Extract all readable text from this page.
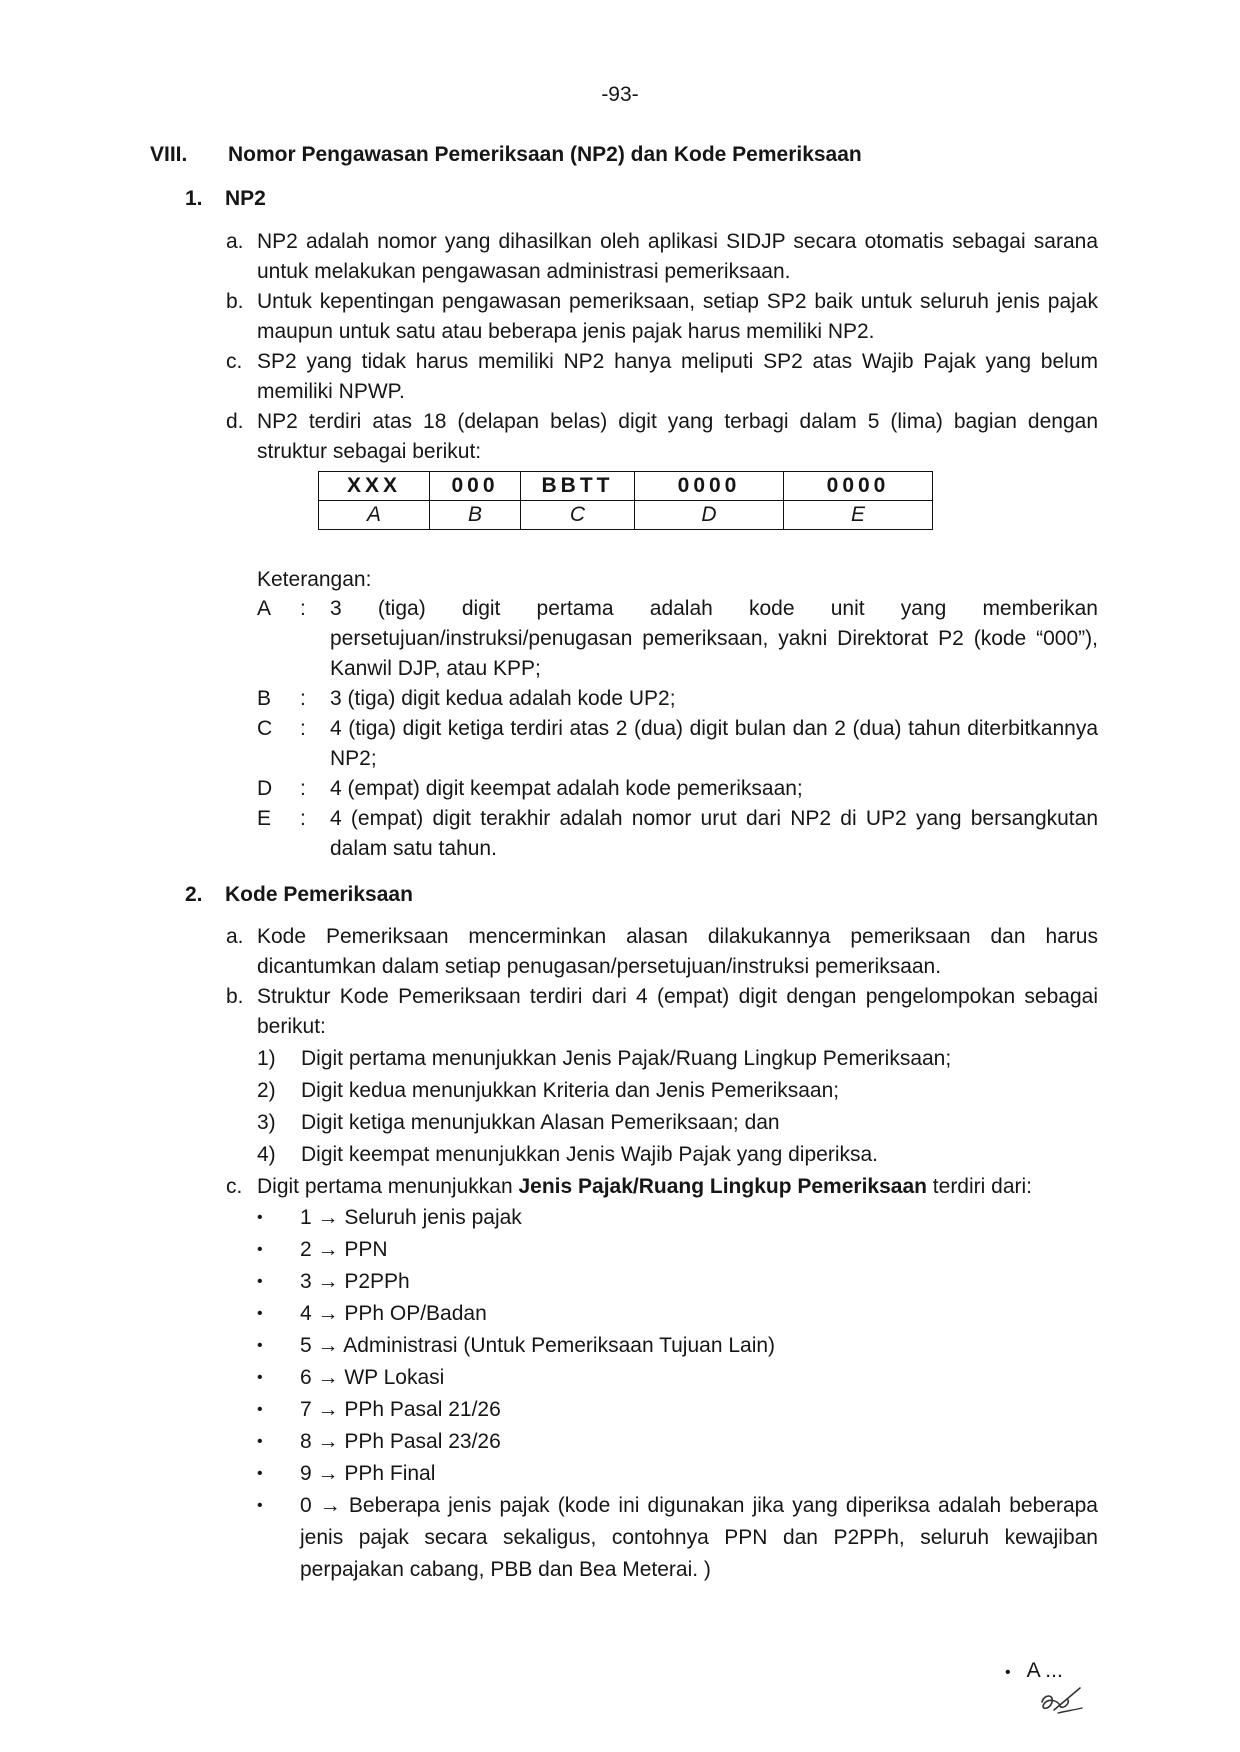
-93-
VIII. Nomor Pengawasan Pemeriksaan (NP2) dan Kode Pemeriksaan
1. NP2
a. NP2 adalah nomor yang dihasilkan oleh aplikasi SIDJP secara otomatis sebagai sarana untuk melakukan pengawasan administrasi pemeriksaan.
b. Untuk kepentingan pengawasan pemeriksaan, setiap SP2 baik untuk seluruh jenis pajak maupun untuk satu atau beberapa jenis pajak harus memiliki NP2.
c. SP2 yang tidak harus memiliki NP2 hanya meliputi SP2 atas Wajib Pajak yang belum memiliki NPWP.
d. NP2 terdiri atas 18 (delapan belas) digit yang terbagi dalam 5 (lima) bagian dengan struktur sebagai berikut:
XXX	000	BBTT	0000	0000
A	B	C	D	E
Keterangan:
A	:	3 (tiga) digit pertama adalah kode unit yang memberikan persetujuan/instruksi/penugasan pemeriksaan, yakni Direktorat P2 (kode “000”), Kanwil DJP, atau KPP;
B	:	3 (tiga) digit kedua adalah kode UP2;
C	:	4 (tiga) digit ketiga terdiri atas 2 (dua) digit bulan dan 2 (dua) tahun diterbitkannya NP2;
D	:	4 (empat) digit keempat adalah kode pemeriksaan;
E	:	4 (empat) digit terakhir adalah nomor urut dari NP2 di UP2 yang bersangkutan dalam satu tahun.
2. Kode Pemeriksaan
a. Kode Pemeriksaan mencerminkan alasan dilakukannya pemeriksaan dan harus dicantumkan dalam setiap penugasan/persetujuan/instruksi pemeriksaan.
b. Struktur Kode Pemeriksaan terdiri dari 4 (empat) digit dengan pengelompokan sebagai berikut:
1)	Digit pertama menunjukkan Jenis Pajak/Ruang Lingkup Pemeriksaan;
2)	Digit kedua menunjukkan Kriteria dan Jenis Pemeriksaan;
3)	Digit ketiga menunjukkan Alasan Pemeriksaan; dan
4)	Digit keempat menunjukkan Jenis Wajib Pajak yang diperiksa.
c. Digit pertama menunjukkan Jenis Pajak/Ruang Lingkup Pemeriksaan terdiri dari:
•	1 → Seluruh jenis pajak
•	2 → PPN
•	3 → P2PPh
•	4 → PPh OP/Badan
•	5 → Administrasi (Untuk Pemeriksaan Tujuan Lain)
•	6 → WP Lokasi
•	7 → PPh Pasal 21/26
•	8 → PPh Pasal 23/26
•	9 → PPh Final
•	0 → Beberapa jenis pajak (kode ini digunakan jika yang diperiksa adalah beberapa jenis pajak secara sekaligus, contohnya PPN dan P2PPh, seluruh kewajiban perpajakan cabang, PBB dan Bea Meterai. )
• A ...
